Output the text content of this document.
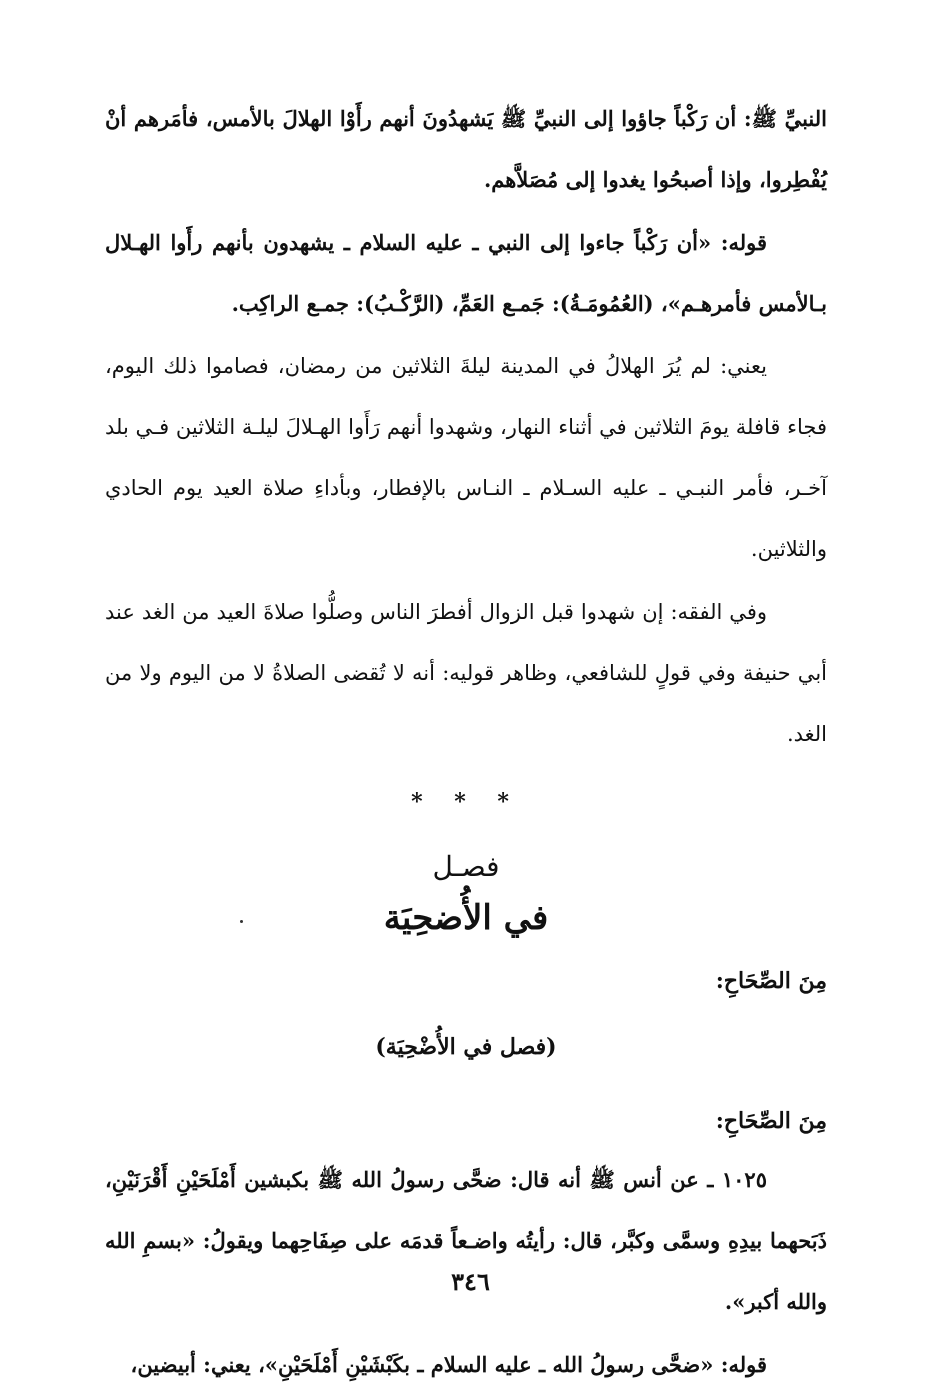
النبيِّ ﷺ: أن رَكْباً جاؤوا إلى النبيِّ ﷺ يَشهدُونَ أنهم رأَوْا الهلالَ بالأمس، فأمَرهم أنْ يُفْطِروا، وإذا أصبحُوا يغدوا إلى مُصَلاَّهم.

قوله: «أن رَكْباً جاءوا إلى النبي ـ عليه السلام ـ يشهدون بأنهم رأَوا الهـلال بـالأمس فأمرهـم»، (العُمُومَـةُ): جَمـع العَمِّ، (الرَّكْـبُ): جمـع الراكِب.

يعني: لم يُرَ الهلالُ في المدينة ليلةَ الثلاثين من رمضان، فصاموا ذلك اليوم، فجاء قافلة يومَ الثلاثين في أثناء النهار، وشهدوا أنهم رَأَوا الهـلالَ ليلـة الثلاثين فـي بلد آخـر، فأمر النبـي ـ عليه السـلام ـ النـاس بالإفطار، وبأداءِ صلاة العيد يوم الحادي والثلاثين.

وفي الفقه: إن شهدوا قبل الزوال أفطرَ الناس وصلُّوا صلاةَ العيد من الغد عند أبي حنيفة وفي قولٍ للشافعي، وظاهر قوليه: أنه لا تُقضى الصلاةُ لا من اليوم ولا من الغد.

* * *
فصـل
في الأُضحِيَة
مِنَ الصِّحَاحِ:
(فصل في الأُضْحِيَة)
مِنَ الصِّحَاحِ:

١٠٢٥ ـ عن أنس ﷺ أنه قال: ضحَّى رسولُ الله ﷺ بكبشين أَمْلَحَيْنِ أَقْرَنَيْنِ، ذَبَحهما بيدِهِ وسمَّى وكبَّر، قال: رأيتُه واضـعاً قدمَه على صِفَاحِهما ويقولُ: «بسمِ الله والله أكبر».

قوله: «ضحَّى رسولُ الله ـ عليه السلام ـ بكَبْشَيْنِ أَمْلَحَيْنِ»، يعني: أبيضين،

٣٤٦
